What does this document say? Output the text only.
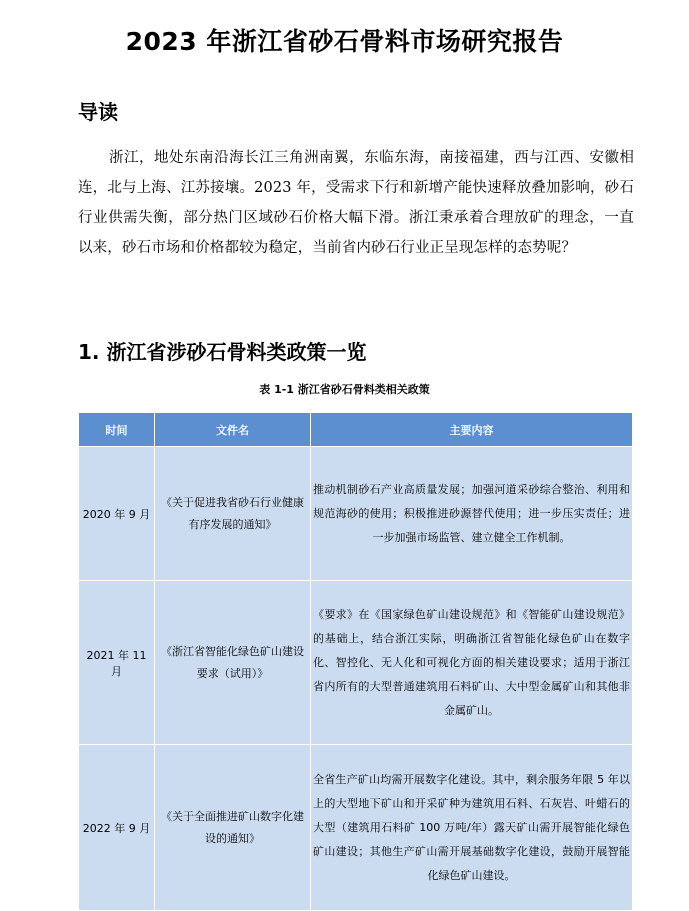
2023 年浙江省砂石骨料市场研究报告
导读

浙江，地处东南沿海长江三角洲南翼，东临东海，南接福建，西与江西、安徽相连，北与上海、江苏接壤。2023 年，受需求下行和新增产能快速释放叠加影响，砂石行业供需失衡，部分热门区域砂石价格大幅下滑。浙江秉承着合理放矿的理念，一直以来，砂石市场和价格都较为稳定，当前省内砂石行业正呈现怎样的态势呢？

1. 浙江省涉砂石骨料类政策一览
表 1-1 浙江省砂石骨料类相关政策
时间	文件名	主要内容
2020 年 9 月	《关于促进我省砂石行业健康有序发展的通知》	推动机制砂石产业高质量发展；加强河道采砂综合整治、利用和规范海砂的使用；积极推进砂源替代使用；进一步压实责任；进一步加强市场监管、建立健全工作机制。
2021 年 11 月	《浙江省智能化绿色矿山建设要求（试用）》	《要求》在《国家绿色矿山建设规范》和《智能矿山建设规范》的基础上，结合浙江实际，明确浙江省智能化绿色矿山在数字化、智控化、无人化和可视化方面的相关建设要求；适用于浙江省内所有的大型普通建筑用石料矿山、大中型金属矿山和其他非金属矿山。
2022 年 9 月	《关于全面推进矿山数字化建设的通知》	全省生产矿山均需开展数字化建设。其中，剩余服务年限 5 年以上的大型地下矿山和开采矿种为建筑用石料、石灰岩、叶蜡石的大型（建筑用石料矿 100 万吨/年）露天矿山需开展智能化绿色矿山建设；其他生产矿山需开展基础数字化建设，鼓励开展智能化绿色矿山建设。
